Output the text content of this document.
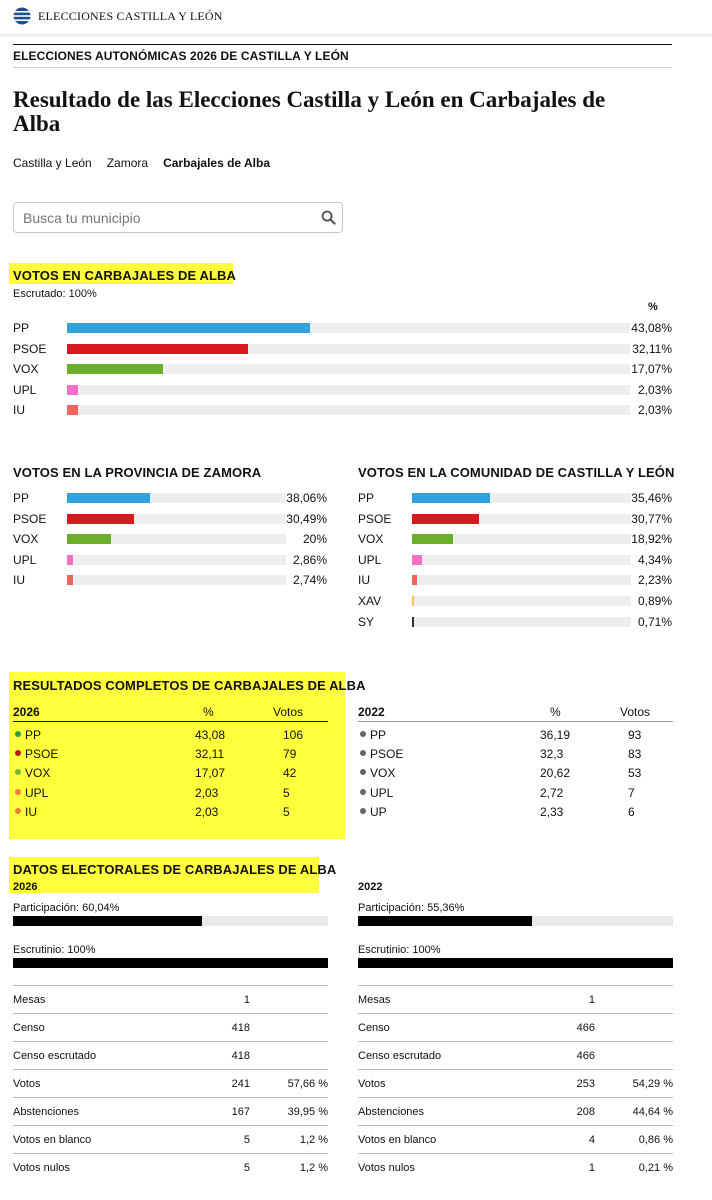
ELECCIONES CASTILLA Y LEÓN
ELECCIONES AUTONÓMICAS 2026 DE CASTILLA Y LEÓN
Resultado de las Elecciones Castilla y León en Carbajales de Alba
Castilla y León Zamora Carbajales de Alba
Busca tu municipio
VOTOS EN CARBAJALES DE ALBA
Escrutado: 100%
%
PP	43,08%
PSOE	32,11%
VOX	17,07%
UPL	2,03%
IU	2,03%
VOTOS EN LA PROVINCIA DE ZAMORA	VOTOS EN LA COMUNIDAD DE CASTILLA Y LEÓN
PP	38,06%
PSOE	30,49%
VOX	20%
UPL	2,86%
IU	2,74%
PP	35,46%
PSOE	30,77%
VOX	18,92%
UPL	4,34%
IU	2,23%
XAV	0,89%
SY	0,71%
RESULTADOS COMPLETOS DE CARBAJALES DE ALBA
2026	%	Votos
PP	43,08	106
PSOE	32,11	79
VOX	17,07	42
UPL	2,03	5
IU	2,03	5
2022	%	Votos
PP	36,19	93
PSOE	32,3	83
VOX	20,62	53
UPL	2,72	7
UP	2,33	6
DATOS ELECTORALES DE CARBAJALES DE ALBA
2026	2022
Participación: 60,04%	Participación: 55,36%
Escrutinio: 100%	Escrutinio: 100%
Mesas	1
Censo	418
Censo escrutado	418
Votos	241	57,66 %
Abstenciones	167	39,95 %
Votos en blanco	5	1,2 %
Votos nulos	5	1,2 %
Mesas	1
Censo	466
Censo escrutado	466
Votos	253	54,29 %
Abstenciones	208	44,64 %
Votos en blanco	4	0,86 %
Votos nulos	1	0,21 %
